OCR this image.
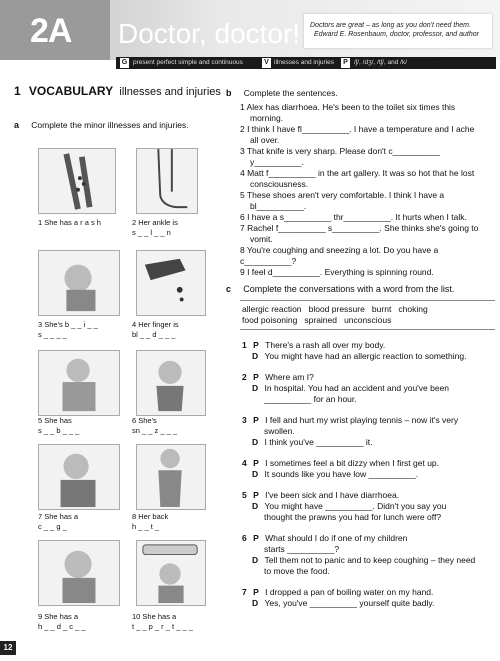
2A Doctor, doctor! Doctors are great – as long as you don't need them.
Edward E. Rosenbaum, doctor, professor, and author
G present perfect simple and continuous	V illnesses and injuries	P /ʃ/, /dʒ/, /tʃ/, and /k/
1 VOCABULARY illnesses and injuries
a Complete the minor illnesses and injuries.
1 She has a r a s h	2 Her ankle is
s _ _ l _ _ n
3 She's b _ _ i _ _
s _ _ _ _
4 Her finger is
bl _ _ d _ _ _
5 She has
s _ _ b _ _ _
6 She's
sn _ _ z _ _ _
7 She has a
c _ _ g _
8 Her back
h _ _ t _
9 She has a
h _ _ d _ c _ _
10 She has a
t _ _ p _ r _ t _ _ _
b Complete the sentences.
1 Alex has diarrhoea. He's been to the toilet six times this
morning.
2 I think I have fl__________. I have a temperature and I ache
all over.
3 That knife is very sharp. Please don't c__________
y__________.
4 Matt f__________ in the art gallery. It was so hot that he lost
consciousness.
5 These shoes aren't very comfortable. I think I have a
bl__________.
6 I have a s__________ thr__________. It hurts when I talk.
7 Rachel f__________ s__________. She thinks she's going to
vomit.
8 You're coughing and sneezing a lot. Do you have a c__________?
9 I feel d__________. Everything is spinning round.
c Complete the conversations with a word from the list.
allergic reaction   blood pressure   burnt   choking
food poisoning   sprained   unconscious
1 P There's a rash all over my body.
D You might have had an allergic reaction to something.
2 P Where am I?
D In hospital. You had an accident and you've been
__________ for an hour.
3 P I fell and hurt my wrist playing tennis – now it's very
swollen.
D I think you've __________ it.
4 P I sometimes feel a bit dizzy when I first get up.
D It sounds like you have low __________.
5 P I've been sick and I have diarrhoea.
D You might have __________. Didn't you say you
thought the prawns you had for lunch were off?
6 P What should I do if one of my children
starts __________?
D Tell them not to panic and to keep coughing – they need
to move the food.
7 P I dropped a pan of boiling water on my hand.
D Yes, you've __________ yourself quite badly.
12
